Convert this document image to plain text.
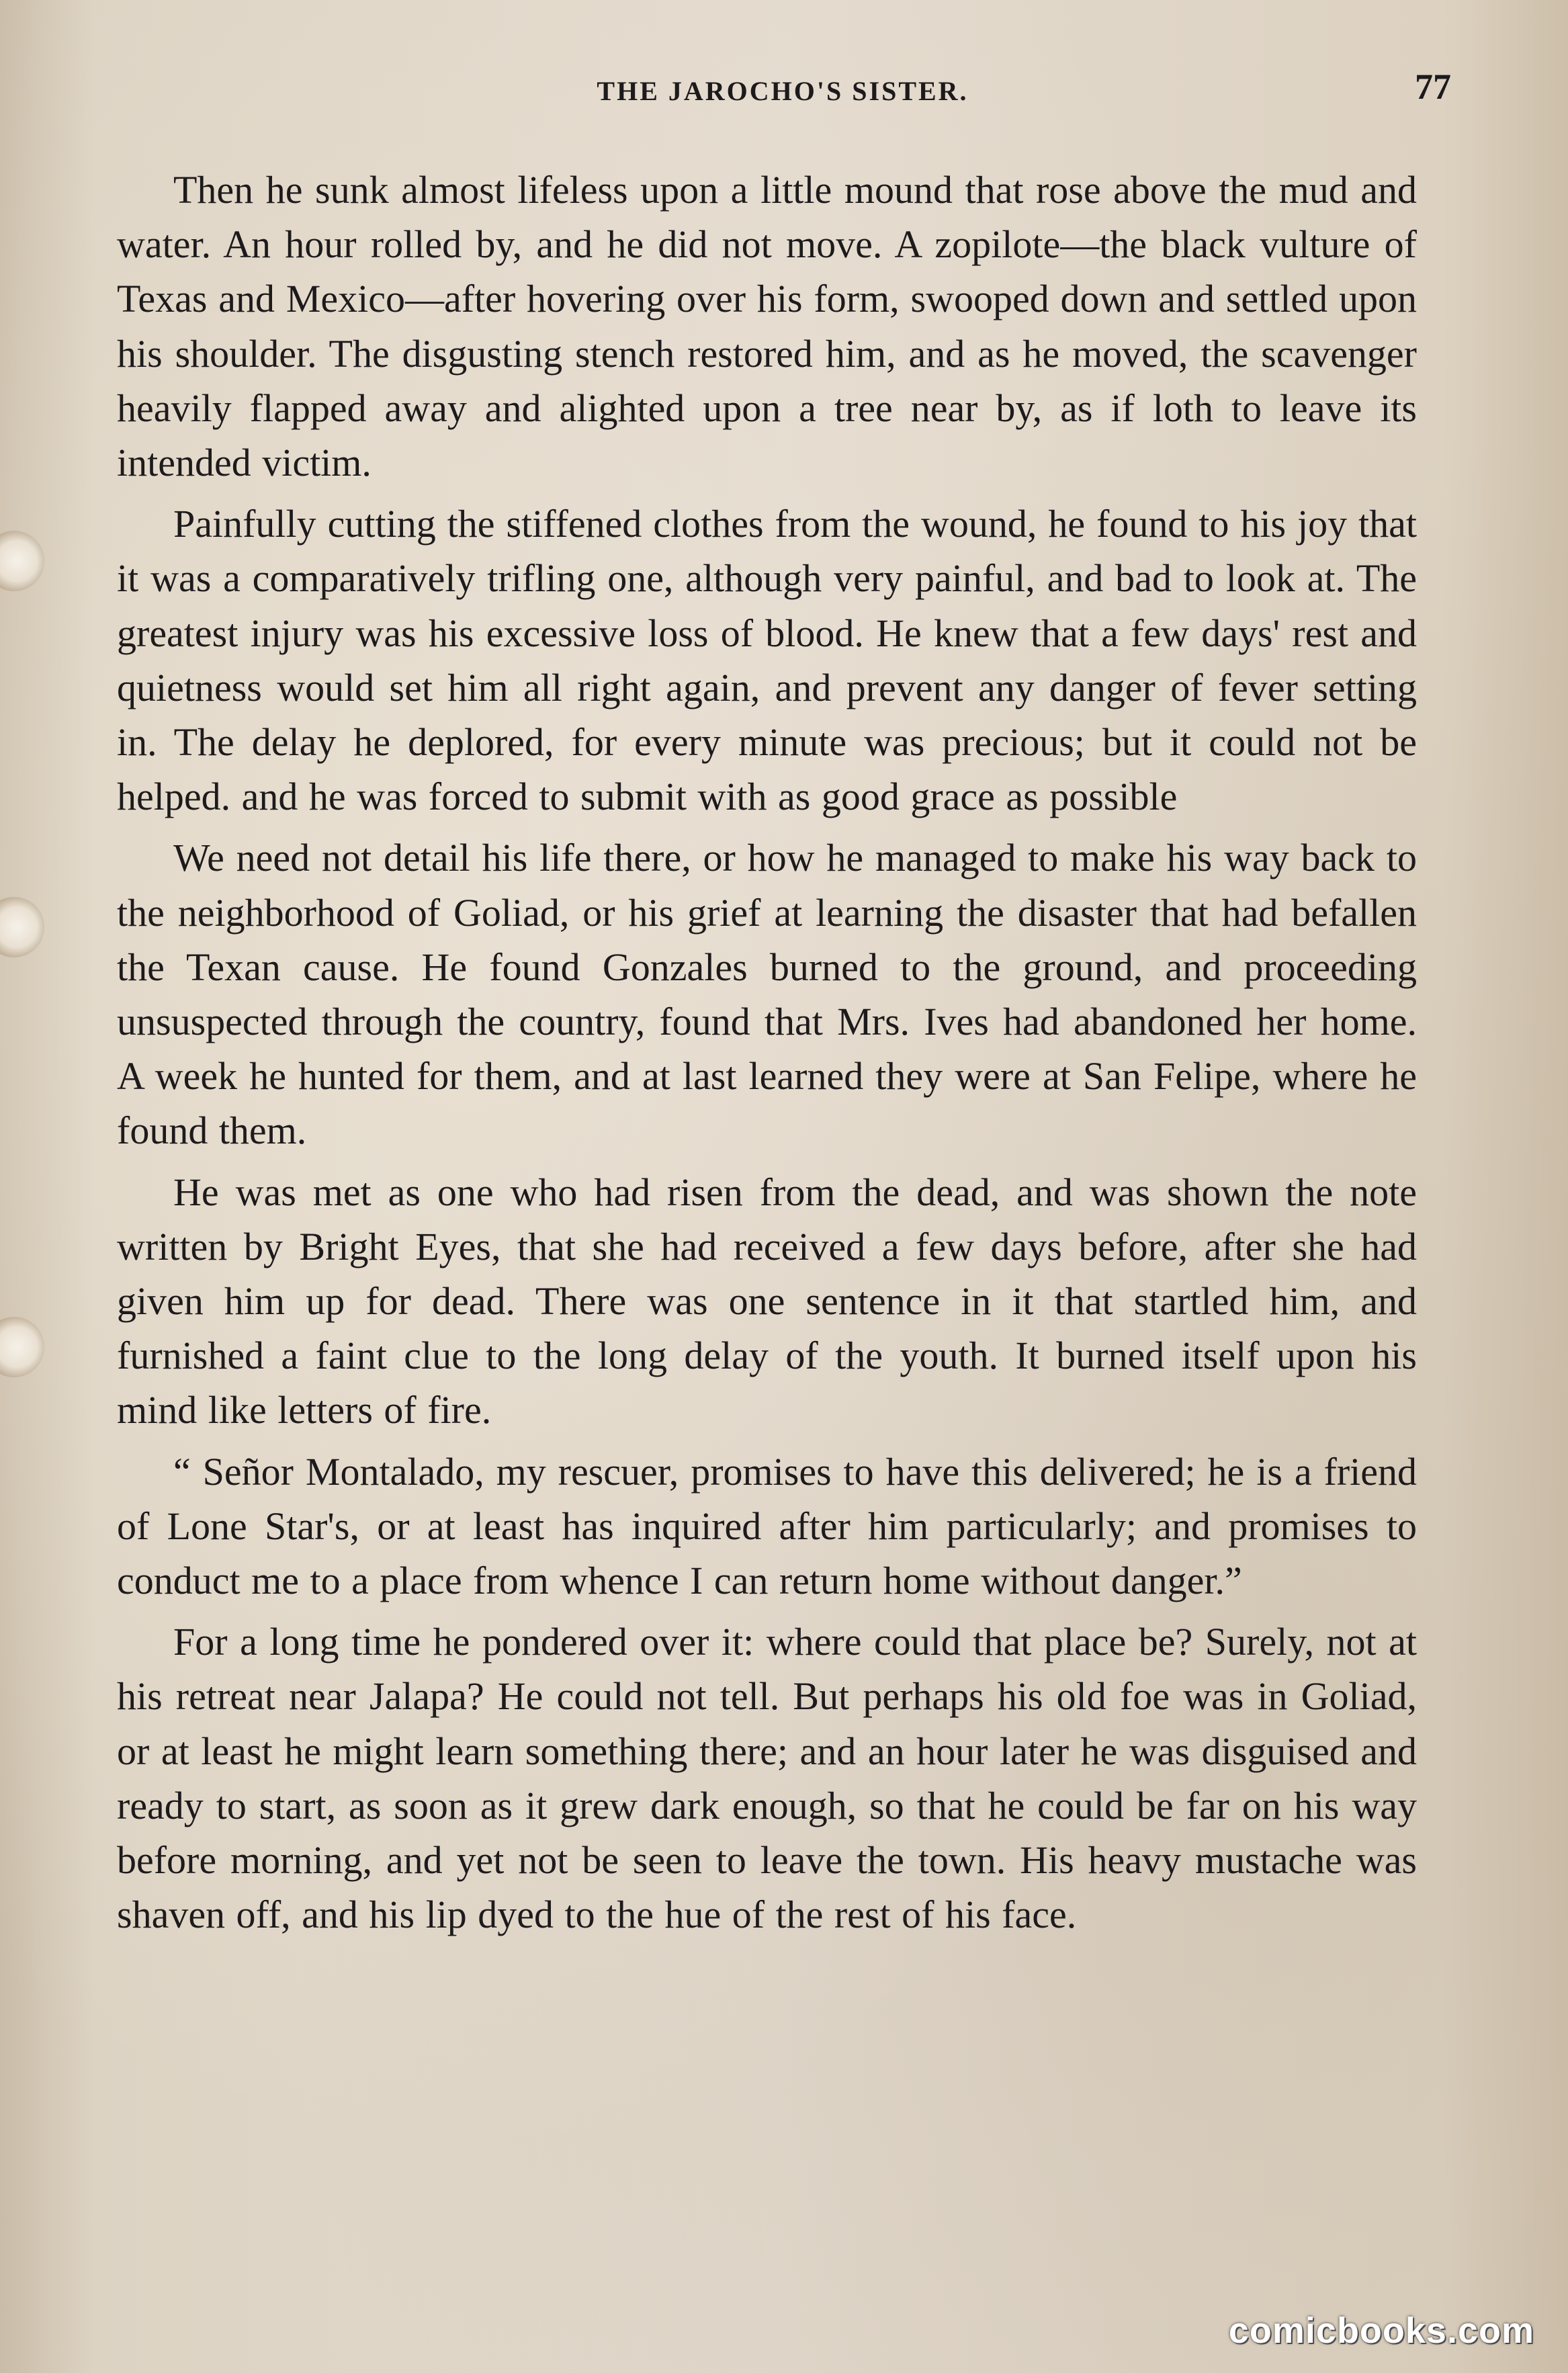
THE JAROCHO'S SISTER.	77

Then he sunk almost lifeless upon a little mound that rose above the mud and water. An hour rolled by, and he did not move. A zopilote—the black vulture of Texas and Mexico—after hovering over his form, swooped down and settled upon his shoulder. The disgusting stench restored him, and as he moved, the scavenger heavily flapped away and alighted upon a tree near by, as if loth to leave its intended victim.

Painfully cutting the stiffened clothes from the wound, he found to his joy that it was a comparatively trifling one, although very painful, and bad to look at. The greatest injury was his excessive loss of blood. He knew that a few days' rest and quietness would set him all right again, and prevent any danger of fever setting in. The delay he deplored, for every minute was precious; but it could not be helped. and he was forced to submit with as good grace as possible

We need not detail his life there, or how he managed to make his way back to the neighborhood of Goliad, or his grief at learning the disaster that had befallen the Texan cause. He found Gonzales burned to the ground, and proceeding unsuspected through the country, found that Mrs. Ives had abandoned her home. A week he hunted for them, and at last learned they were at San Felipe, where he found them.

He was met as one who had risen from the dead, and was shown the note written by Bright Eyes, that she had received a few days before, after she had given him up for dead. There was one sentence in it that startled him, and furnished a faint clue to the long delay of the youth. It burned itself upon his mind like letters of fire.

“ Señor Montalado, my rescuer, promises to have this delivered; he is a friend of Lone Star's, or at least has inquired after him particularly; and promises to conduct me to a place from whence I can return home without danger.”

For a long time he pondered over it: where could that place be? Surely, not at his retreat near Jalapa? He could not tell. But perhaps his old foe was in Goliad, or at least he might learn something there; and an hour later he was disguised and ready to start, as soon as it grew dark enough, so that he could be far on his way before morning, and yet not be seen to leave the town. His heavy mustache was shaven off, and his lip dyed to the hue of the rest of his face.

comicbooks.com
